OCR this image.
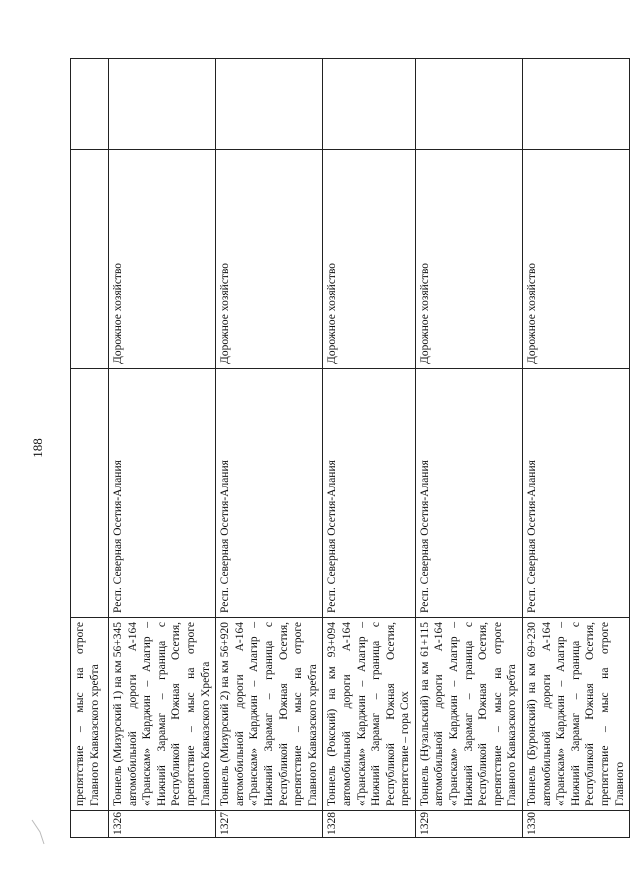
188
	препятствие – мыс на отроге Главного Кавказского хребта			
1326	Тоннель (Мизурский 1) на км 56+345 автомобильной дороги А-164 «Транскам» Карджин – Алагир – Нижний Зарамаг – граница с Республикой Южная Осетия, препятствие – мыс на отроге Главного Кавказского Хребта	Респ. Северная Осетия-Алания	Дорожное хозяйство	
1327	Тоннель (Мизурский 2) на км 56+920 автомобильной дороги А-164 «Транскам» Карджин – Алагир – Нижний Зарамаг – граница с Республикой Южная Осетия, препятствие – мыс на отроге Главного Кавказского хребта	Респ. Северная Осетия-Алания	Дорожное хозяйство	
1328	Тоннель (Рокский) на км 93+094 автомобильной дороги А-164 «Транскам» Карджин – Алагир – Нижний Зарамаг – граница с Республикой Южная Осетия, препятствие – гора Сох	Респ. Северная Осетия-Алания	Дорожное хозяйство	
1329	Тоннель (Нузальский) на км 61+115 автомобильной дороги А-164 «Транскам» Карджин – Алагир – Нижний Зарамаг – граница с Республикой Южная Осетия, препятствие – мыс на отроге Главного Кавказского хребта	Респ. Северная Осетия-Алания	Дорожное хозяйство	
1330	Тоннель (Буронский) на км 69+230 автомобильной дороги А-164 «Транскам» Карджин – Алагир – Нижний Зарамаг – граница с Республикой Южная Осетия, препятствие – мыс на отроге Главного	Респ. Северная Осетия-Алания	Дорожное хозяйство	
